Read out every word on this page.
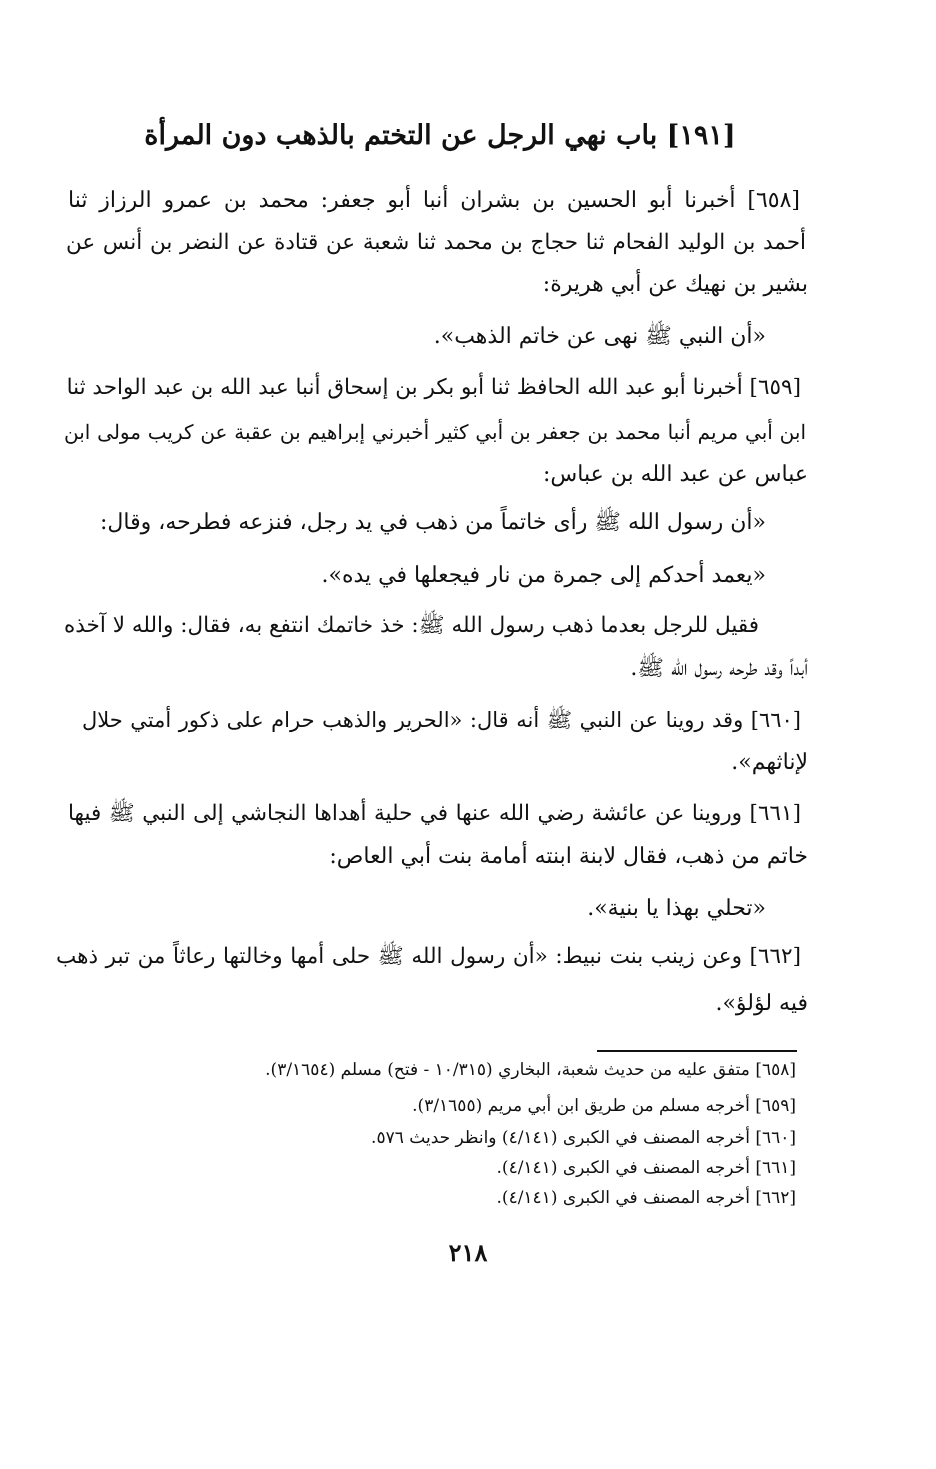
[١٩١] باب نهي الرجل عن التختم بالذهب دون المرأة
[٦٥٨] أخبرنا أبو الحسين بن بشران أنبا أبو جعفر: محمد بن عمرو الرزاز ثنا
أحمد بن الوليد الفحام ثنا حجاج بن محمد ثنا شعبة عن قتادة عن النضر بن أنس عن
بشير بن نهيك عن أبي هريرة:
«أن النبي ﷺ نهى عن خاتم الذهب».
[٦٥٩] أخبرنا أبو عبد الله الحافظ ثنا أبو بكر بن إسحاق أنبا عبد الله بن عبد الواحد ثنا
ابن أبي مريم أنبا محمد بن جعفر بن أبي كثير أخبرني إبراهيم بن عقبة عن كريب مولى ابن
عباس عن عبد الله بن عباس:
«أن رسول الله ﷺ رأى خاتماً من ذهب في يد رجل، فنزعه فطرحه، وقال:
«يعمد أحدكم إلى جمرة من نار فيجعلها في يده».
فقيل للرجل بعدما ذهب رسول الله ﷺ: خذ خاتمك انتفع به، فقال: والله لا آخذه
أبداً وقد طرحه رسول الله ﷺ.
[٦٦٠] وقد روينا عن النبي ﷺ أنه قال: «الحرير والذهب حرام على ذكور أمتي حلال
لإناثهم».
[٦٦١] وروينا عن عائشة رضي الله عنها في حلية أهداها النجاشي إلى النبي ﷺ فيها
خاتم من ذهب، فقال لابنة ابنته أمامة بنت أبي العاص:
«تحلي بهذا يا بنية».
[٦٦٢] وعن زينب بنت نبيط: «أن رسول الله ﷺ حلى أمها وخالتها رعاثاً من تبر ذهب
فيه لؤلؤ».
[٦٥٨] متفق عليه من حديث شعبة، البخاري (١٠/٣١٥ - فتح) مسلم (٣/١٦٥٤).
[٦٥٩] أخرجه مسلم من طريق ابن أبي مريم (٣/١٦٥٥).
[٦٦٠] أخرجه المصنف في الكبرى (٤/١٤١) وانظر حديث ٥٧٦.
[٦٦١] أخرجه المصنف في الكبرى (٤/١٤١).
[٦٦٢] أخرجه المصنف في الكبرى (٤/١٤١).
٢١٨
